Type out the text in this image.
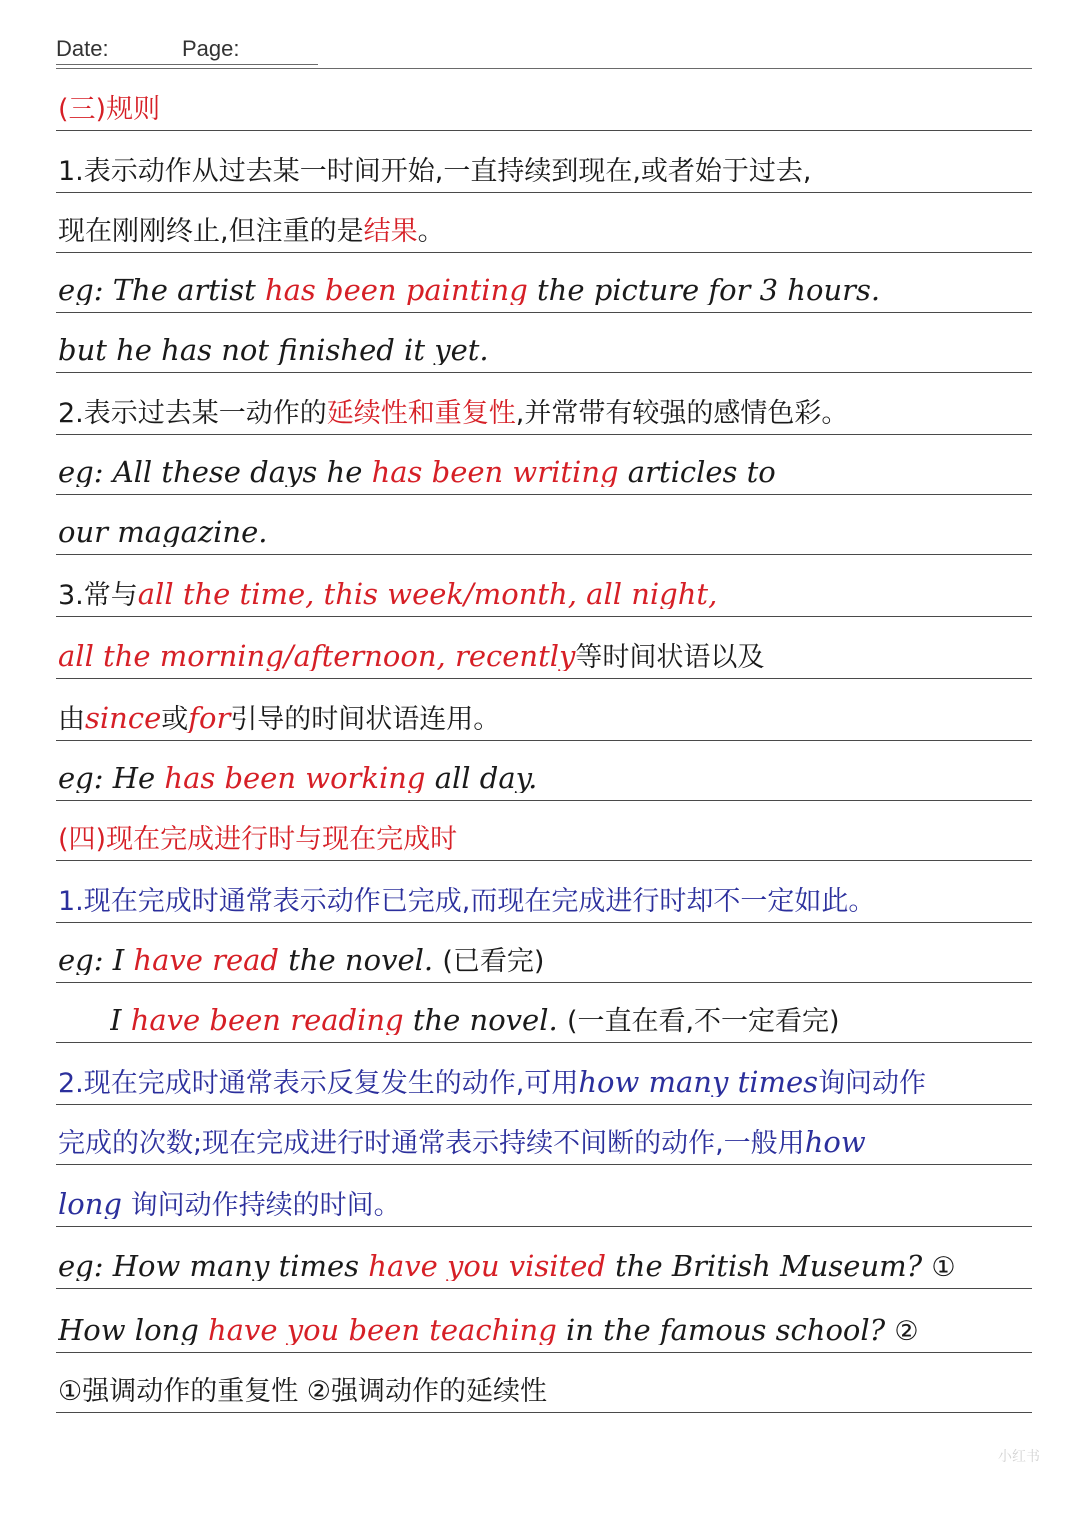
Date:	Page:
(三)规则
1.表示动作从过去某一时间开始,一直持续到现在,或者始于过去,
现在刚刚终止,但注重的是结果。
eg: The artist has been painting the picture for 3 hours.
but he has not finished it yet.
2.表示过去某一动作的延续性和重复性,并常带有较强的感情色彩。
eg: All these days he has been writing articles to
our magazine.
3.常与all the time, this week/month, all night,
all the morning/afternoon, recently等时间状语以及
由since或for引导的时间状语连用。
eg: He has been working all day.
(四)现在完成进行时与现在完成时
1.现在完成时通常表示动作已完成,而现在完成进行时却不一定如此。
eg: I have read the novel. (已看完)
I have been reading the novel. (一直在看,不一定看完)
2.现在完成时通常表示反复发生的动作,可用how many times询问动作
完成的次数;现在完成进行时通常表示持续不间断的动作,一般用how
long 询问动作持续的时间。
eg: How many times have you visited the British Museum? ①
How long have you been teaching in the famous school? ②
①强调动作的重复性 ②强调动作的延续性
小红书
